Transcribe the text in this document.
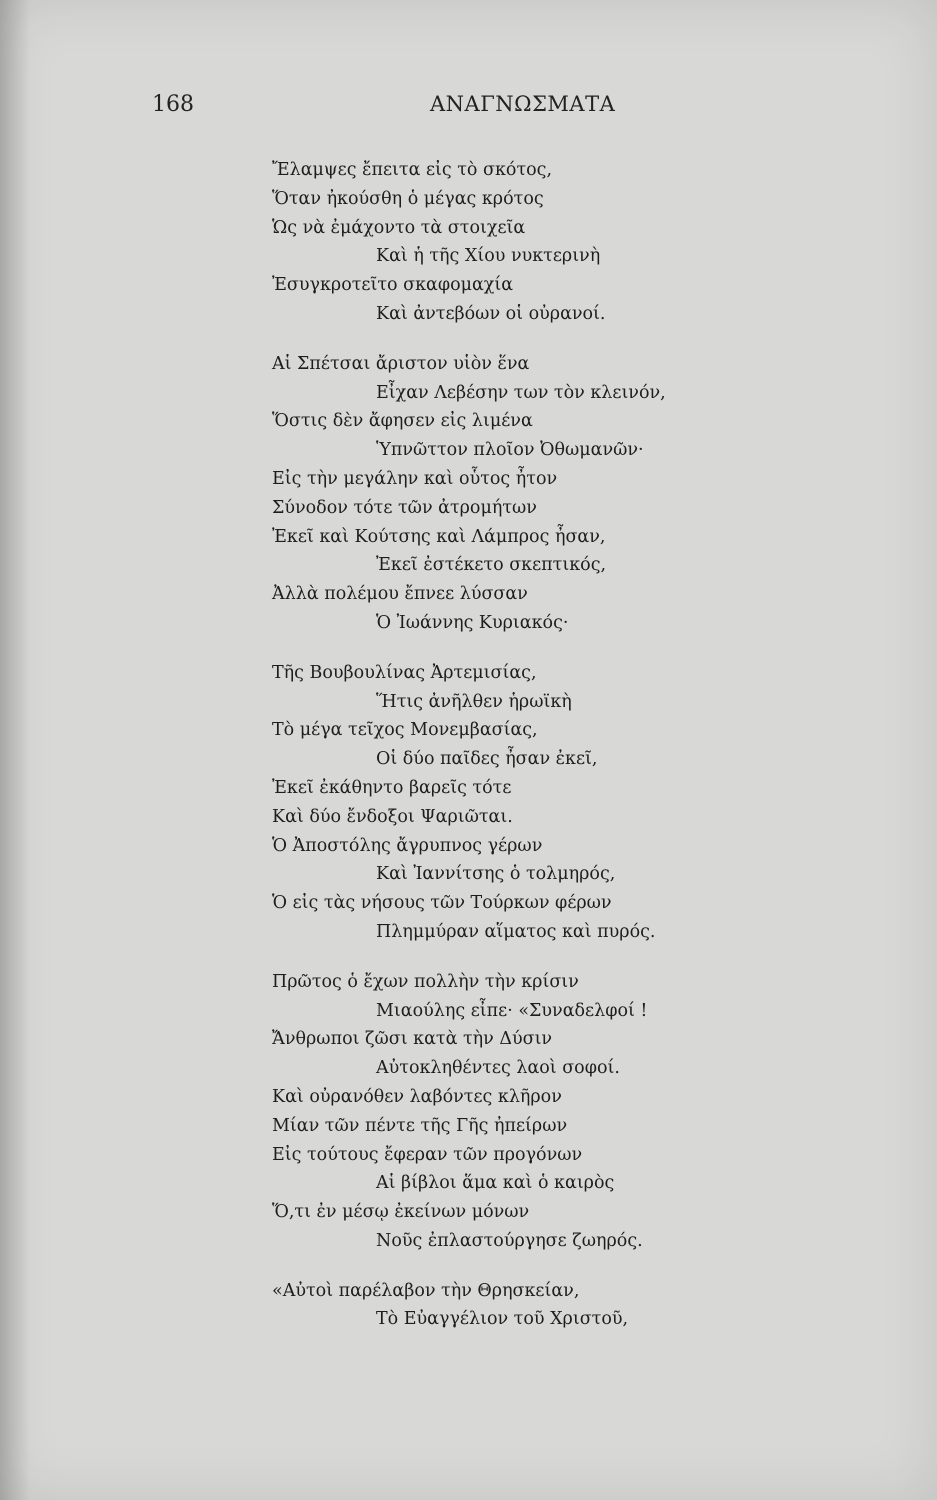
168	ΑΝΑΓΝΩΣΜΑΤΑ
Ἔλαμψες ἔπειτα εἰς τὸ σκότος,
Ὅταν ἠκούσθη ὁ μέγας κρότος
Ὡς νὰ ἐμάχοντο τὰ στοιχεῖα
Καὶ ἡ τῆς Χίου νυκτερινὴ
Ἐσυγκροτεῖτο σκαφομαχία
Καὶ ἀντεβόων οἱ οὐρανοί.
Αἱ Σπέτσαι ἄριστον υἱὸν ἕνα
Εἶχαν Λεβέσην των τὸν κλεινόν,
Ὅστις δὲν ἄφησεν εἰς λιμένα
Ὑπνῶττον πλοῖον Ὀθωμανῶν·
Εἰς τὴν μεγάλην καὶ οὗτος ἦτον
Σύνοδον τότε τῶν ἀτρομήτων
Ἐκεῖ καὶ Κούτσης καὶ Λάμπρος ἦσαν,
Ἐκεῖ ἐστέκετο σκεπτικός,
Ἀλλὰ πολέμου ἔπνεε λύσσαν
Ὁ Ἰωάννης Κυριακός·
Τῆς Βουβουλίνας Ἀρτεμισίας,
Ἥτις ἀνῆλθεν ἡρωϊκὴ
Τὸ μέγα τεῖχος Μονεμβασίας,
Οἱ δύο παῖδες ἦσαν ἐκεῖ,
Ἐκεῖ ἐκάθηντο βαρεῖς τότε
Καὶ δύο ἔνδοξοι Ψαριῶται.
Ὁ Ἀποστόλης ἄγρυπνος γέρων
Καὶ Ἰαννίτσης ὁ τολμηρός,
Ὁ εἰς τὰς νήσους τῶν Τούρκων φέρων
Πλημμύραν αἵματος καὶ πυρός.
Πρῶτος ὁ ἔχων πολλὴν τὴν κρίσιν
Μιαούλης εἶπε· «Συναδελφοί !
Ἄνθρωποι ζῶσι κατὰ τὴν Δύσιν
Αὐτοκληθέντες λαοὶ σοφοί.
Καὶ οὐρανόθεν λαβόντες κλῆρον
Μίαν τῶν πέντε τῆς Γῆς ἠπείρων
Εἰς τούτους ἔφεραν τῶν προγόνων
Αἱ βίβλοι ἅμα καὶ ὁ καιρὸς
Ὅ,τι ἐν μέσῳ ἐκείνων μόνων
Νοῦς ἐπλαστούργησε ζωηρός.
«Αὐτοὶ παρέλαβον τὴν Θρησκείαν,
Τὸ Εὐαγγέλιον τοῦ Χριστοῦ,
